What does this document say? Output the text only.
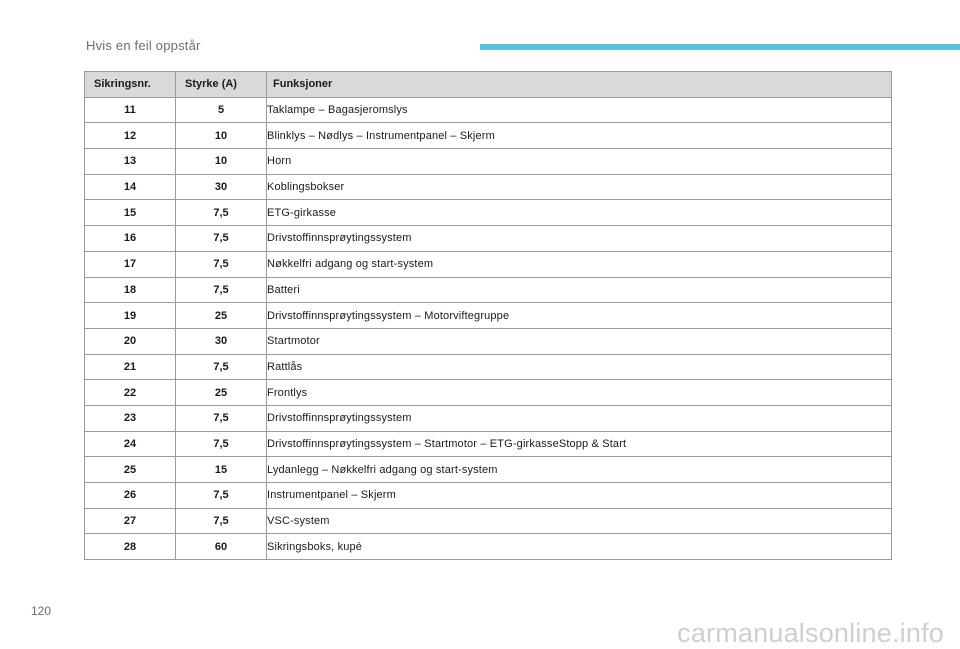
Hvis en feil oppstår
Sikringsnr.	Styrke (A)	Funksjoner
11	5	Taklampe – Bagasjeromslys
12	10	Blinklys – Nødlys – Instrumentpanel – Skjerm
13	10	Horn
14	30	Koblingsbokser
15	7,5	ETG-girkasse
16	7,5	Drivstoffinnsprøytingssystem
17	7,5	Nøkkelfri adgang og start-system
18	7,5	Batteri
19	25	Drivstoffinnsprøytingssystem – Motorviftegruppe
20	30	Startmotor
21	7,5	Rattlås
22	25	Frontlys
23	7,5	Drivstoffinnsprøytingssystem
24	7,5	Drivstoffinnsprøytingssystem – Startmotor – ETG-girkasseStopp & Start
25	15	Lydanlegg – Nøkkelfri adgang og start-system
26	7,5	Instrumentpanel – Skjerm
27	7,5	VSC-system
28	60	Sikringsboks, kupé
120
carmanualsonline.info
